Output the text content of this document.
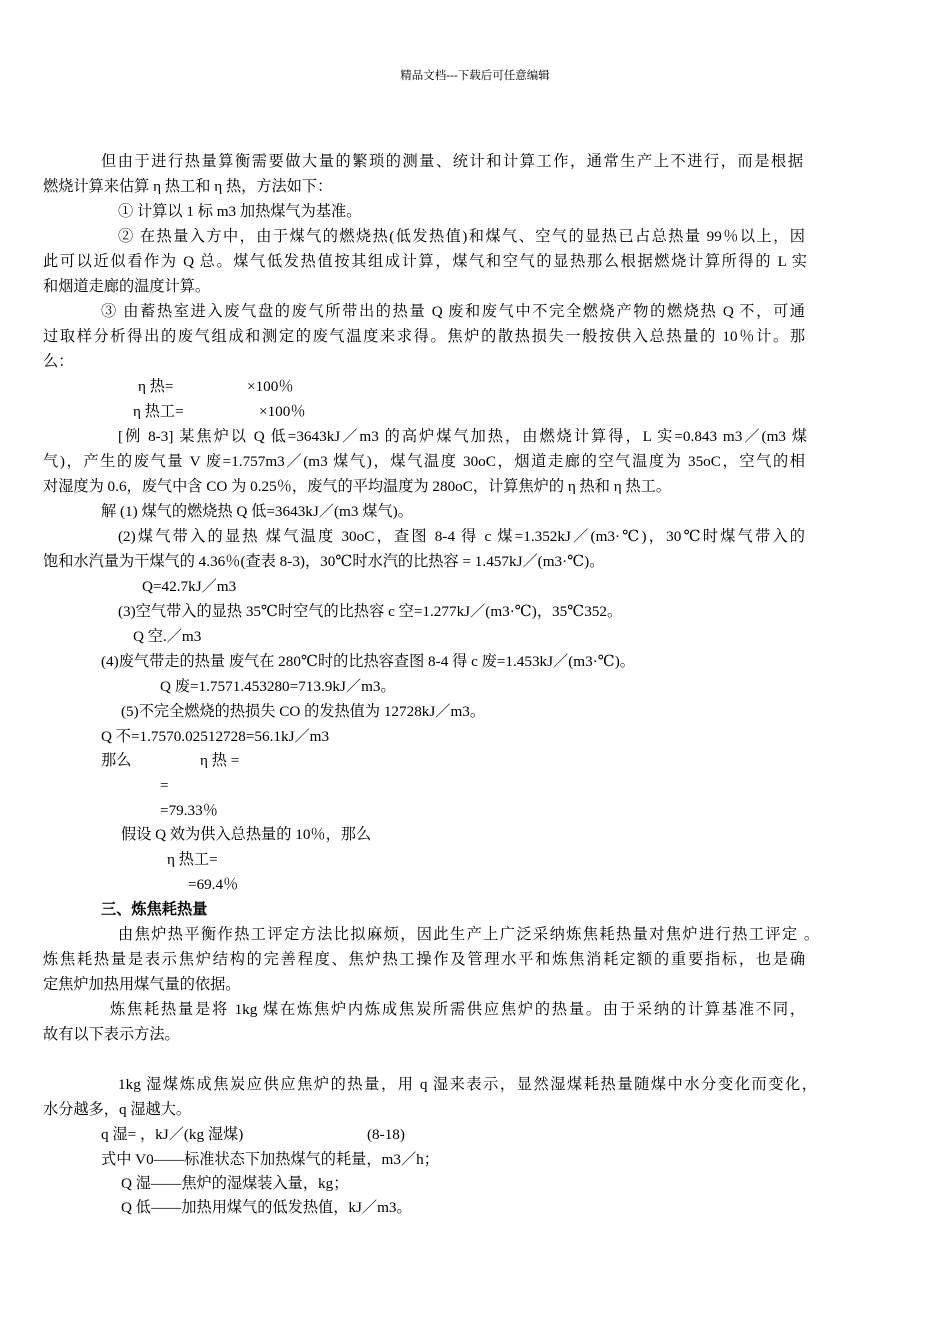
精品文档---下载后可任意编辑
但由于进行热量算衡需要做大量的繁琐的测量、统计和计算工作，通常生产上不进行，而是根据
燃烧计算来估算 η 热工和 η 热，方法如下：
① 计算以 1 标 m3 加热煤气为基准。
② 在热量入方中，由于煤气的燃烧热(低发热值)和煤气、空气的显热已占总热量 99％以上，因
此可以近似看作为 Q 总。煤气低发热值按其组成计算，煤气和空气的显热那么根据燃烧计算所得的 L 实
和烟道走廊的温度计算。
③ 由蓄热室进入废气盘的废气所带出的热量 Q 废和废气中不完全燃烧产物的燃烧热 Q 不，可通
过取样分析得出的废气组成和测定的废气温度来求得。焦炉的散热损失一般按供入总热量的 10％计。那
么：
η 热=	×100％
η 热工=	×100％
[例 8-3] 某焦炉以 Q 低=3643kJ／m3 的高炉煤气加热，由燃烧计算得，L 实=0.843 m3／(m3 煤
气)，产生的废气量 V 废=1.757m3／(m3 煤气)，煤气温度 30oC，烟道走廊的空气温度为 35oC，空气的相
对湿度为 0.6，废气中含 CO 为 0.25％，废气的平均温度为 280oC，计算焦炉的 η 热和 η 热工。
解 (1) 煤气的燃烧热 Q 低=3643kJ／(m3 煤气)。
(2)煤气带入的显热 煤气温度 30oC，查图 8-4 得 c 煤=1.352kJ／(m3·℃)，30℃时煤气带入的
饱和水汽量为干煤气的 4.36％(查表 8-3)，30℃时水汽的比热容 = 1.457kJ／(m3·℃)。
Q=42.7kJ／m3
(3)空气带入的显热 35℃时空气的比热容 c 空=1.277kJ／(m3·℃)，35℃352。
Q 空.／m3
(4)废气带走的热量 废气在 280℃时的比热容查图 8-4 得 c 废=1.453kJ／(m3·℃)。
Q 废=1.7571.453280=713.9kJ／m3。
(5)不完全燃烧的热损失 CO 的发热值为 12728kJ／m3。
Q 不=1.7570.02512728=56.1kJ／m3
那么	η 热 =
=
=79.33％
假设 Q 效为供入总热量的 10％，那么
η 热工=
=69.4％
三、炼焦耗热量
由焦炉热平衡作热工评定方法比拟麻烦，因此生产上广泛采纳炼焦耗热量对焦炉进行热工评定 。
炼焦耗热量是表示焦炉结构的完善程度、焦炉热工操作及管理水平和炼焦消耗定额的重要指标，也是确
定焦炉加热用煤气量的依据。
炼焦耗热量是将 1kg 煤在炼焦炉内炼成焦炭所需供应焦炉的热量。由于采纳的计算基准不同，
故有以下表示方法。
1kg 湿煤炼成焦炭应供应焦炉的热量，用 q 湿来表示，显然湿煤耗热量随煤中水分变化而变化，
水分越多，q 湿越大。
q 湿= ，kJ／(kg 湿煤)	(8-18)
式中 V0——标准状态下加热煤气的耗量，m3／h；
Q 湿——焦炉的湿煤装入量，kg；
Q 低——加热用煤气的低发热值，kJ／m3。
